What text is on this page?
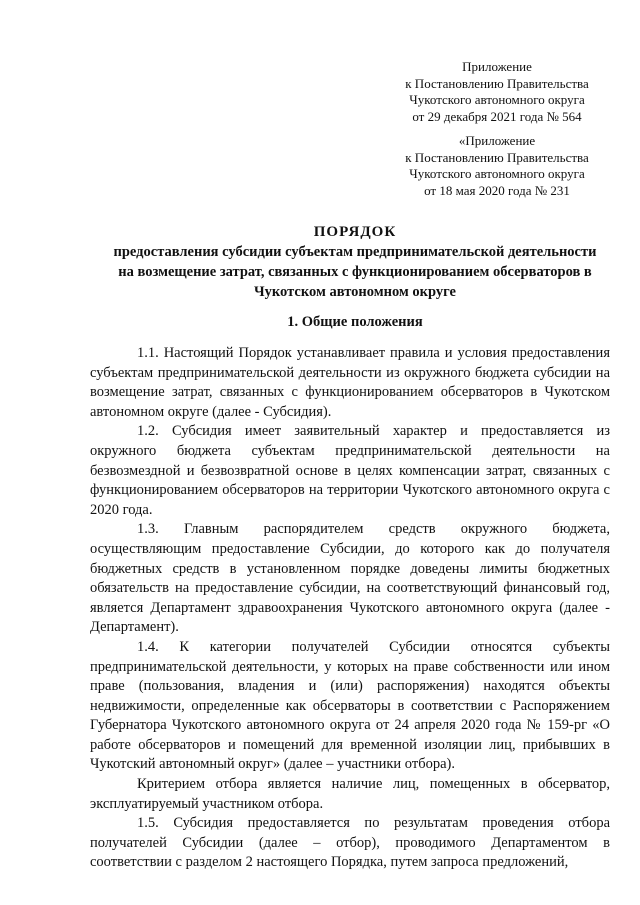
Приложение
к Постановлению Правительства
Чукотского автономного округа
от 29 декабря 2021 года № 564
«Приложение
к Постановлению Правительства
Чукотского автономного округа
от 18 мая 2020 года № 231
ПОРЯДОК
предоставления субсидии субъектам предпринимательской деятельности
на возмещение затрат, связанных с функционированием обсерваторов в
Чукотском автономном округе
1. Общие положения

1.1. Настоящий Порядок устанавливает правила и условия предоставления субъектам предпринимательской деятельности из окружного бюджета субсидии на возмещение затрат, связанных с функционированием обсерваторов в Чукотском автономном округе (далее - Субсидия).

1.2. Субсидия имеет заявительный характер и предоставляется из окружного бюджета субъектам предпринимательской деятельности на безвозмездной и безвозвратной основе в целях компенсации затрат, связанных с функционированием обсерваторов на территории Чукотского автономного округа с 2020 года.

1.3. Главным распорядителем средств окружного бюджета, осуществляющим предоставление Субсидии, до которого как до получателя бюджетных средств в установленном порядке доведены лимиты бюджетных обязательств на предоставление субсидии, на соответствующий финансовый год, является Департамент здравоохранения Чукотского автономного округа (далее - Департамент).

1.4. К категории получателей Субсидии относятся субъекты предпринимательской деятельности, у которых на праве собственности или ином праве (пользования, владения и (или) распоряжения) находятся объекты недвижимости, определенные как обсерваторы в соответствии с Распоряжением Губернатора Чукотского автономного округа от 24 апреля 2020 года № 159-рг «О работе обсерваторов и помещений для временной изоляции лиц, прибывших в Чукотский автономный округ» (далее – участники отбора).

Критерием отбора является наличие лиц, помещенных в обсерватор, эксплуатируемый участником отбора.

1.5. Субсидия предоставляется по результатам проведения отбора получателей Субсидии (далее – отбор), проводимого Департаментом в соответствии с разделом 2 настоящего Порядка, путем запроса предложений,
